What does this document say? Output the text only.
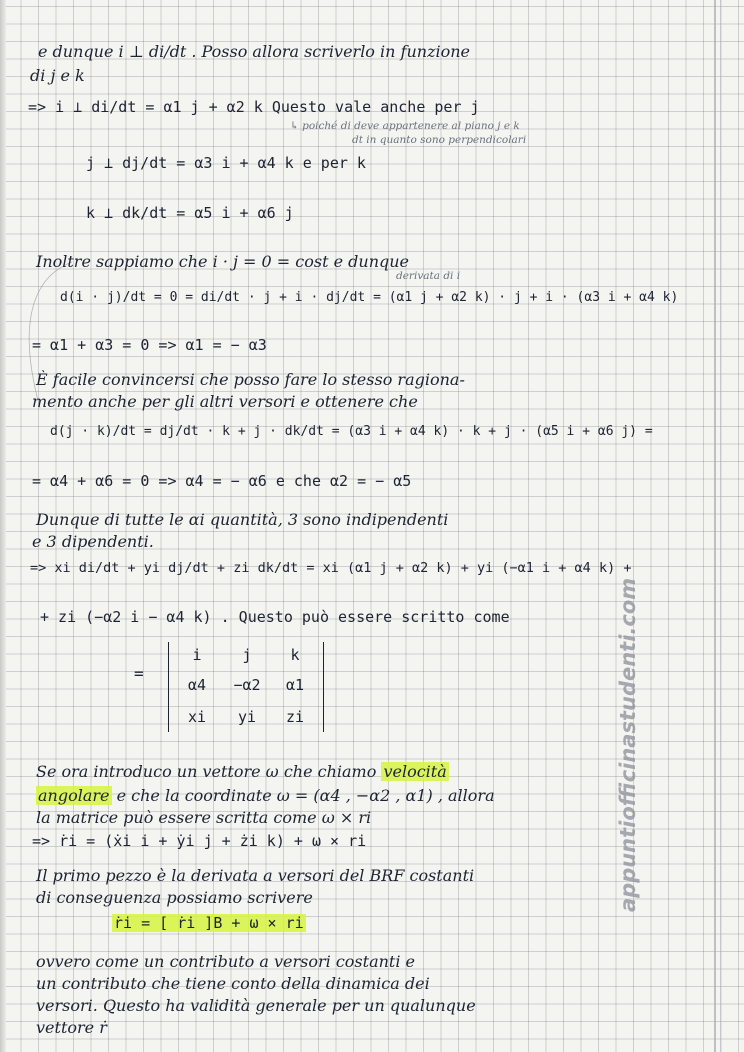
e dunque i ⊥ di/dt . Posso allora scriverlo in funzione
di j e k
=> i ⊥ di/dt = α1 j + α2 k Questo vale anche per j
↳ poiché di deve appartenere al piano j e k
dt in quanto sono perpendicolari
j ⊥ dj/dt = α3 i + α4 k e per k
k ⊥ dk/dt = α5 i + α6 j
Inoltre sappiamo che i · j = 0 = cost e dunque
derivata di i
d(i · j)/dt = 0 = di/dt · j + i · dj/dt = (α1 j + α2 k) · j + i · (α3 i + α4 k)
= α1 + α3 = 0 => α1 = − α3
È facile convincersi che posso fare lo stesso ragiona-
mento anche per gli altri versori e ottenere che
d(j · k)/dt = dj/dt · k + j · dk/dt = (α3 i + α4 k) · k + j · (α5 i + α6 j) =
= α4 + α6 = 0 => α4 = − α6 e che α2 = − α5
Dunque di tutte le αi quantità, 3 sono indipendenti
e 3 dipendenti.
=> xi di/dt + yi dj/dt + zi dk/dt = xi (α1 j + α2 k) + yi (−α1 i + α4 k) +
+ zi (−α2 i − α4 k) . Questo può essere scritto come
=
i	j	k
α4	−α2	α1
xi	yi	zi
Se ora introduco un vettore ω che chiamo velocità
angolare e che la coordinate ω = (α4 , −α2 , α1) , allora
la matrice può essere scritta come ω × ri
=> ṙi = (ẋi i + ẏi j + żi k) + ω × ri
Il primo pezzo è la derivata a versori del BRF costanti
di conseguenza possiamo scrivere
ṙi = [ ṙi ]B + ω × ri
ovvero come un contributo a versori costanti e
un contributo che tiene conto della dinamica dei
versori. Questo ha validità generale per un qualunque
vettore ṙ
appuntiofficinastudenti.com
